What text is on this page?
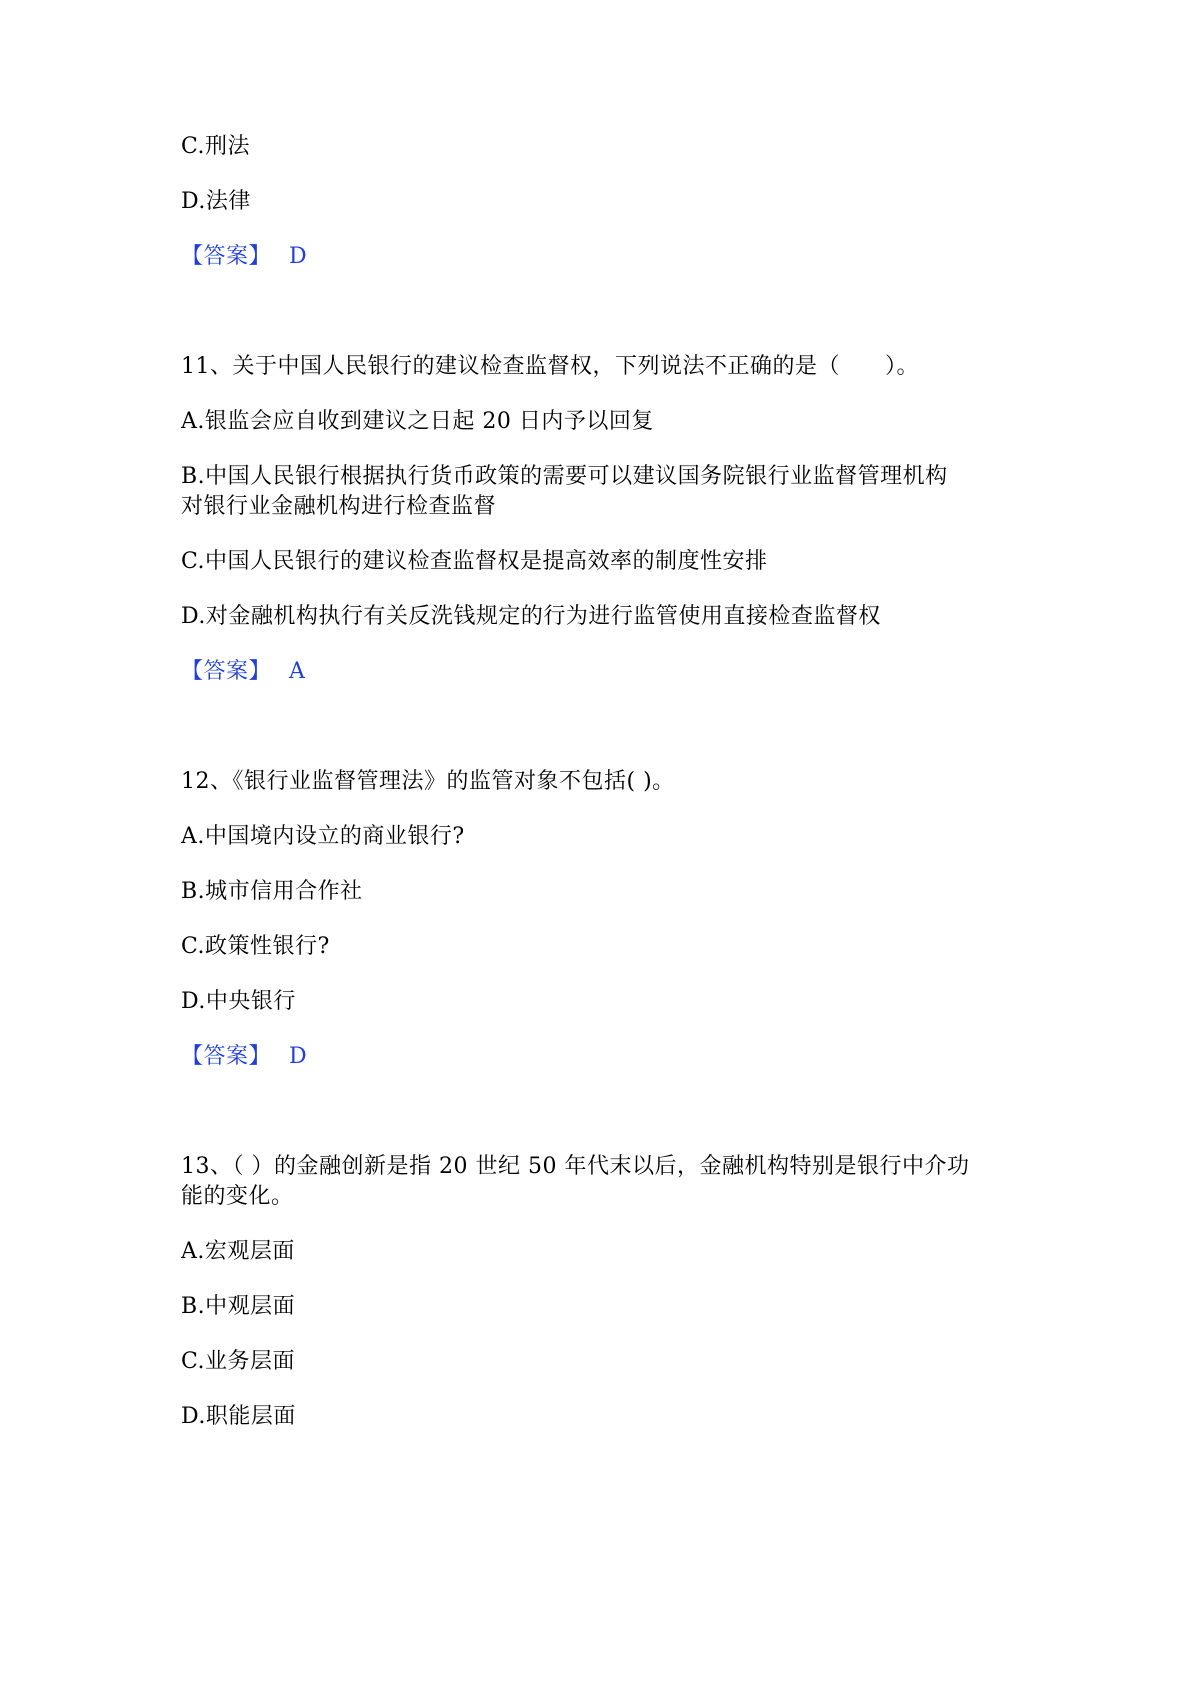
C.刑法
D.法律
【答案】 D
11、关于中国人民银行的建议检查监督权，下列说法不正确的是（　　）。
A.银监会应自收到建议之日起 20 日内予以回复
B.中国人民银行根据执行货币政策的需要可以建议国务院银行业监督管理机构
对银行业金融机构进行检查监督
C.中国人民银行的建议检查监督权是提高效率的制度性安排
D.对金融机构执行有关反洗钱规定的行为进行监管使用直接检查监督权
【答案】 A
12、《银行业监督管理法》的监管对象不包括( )。
A.中国境内设立的商业银行?
B.城市信用合作社
C.政策性银行?
D.中央银行
【答案】 D
13、（ ）的金融创新是指 20 世纪 50 年代末以后，金融机构特别是银行中介功
能的变化。
A.宏观层面
B.中观层面
C.业务层面
D.职能层面
